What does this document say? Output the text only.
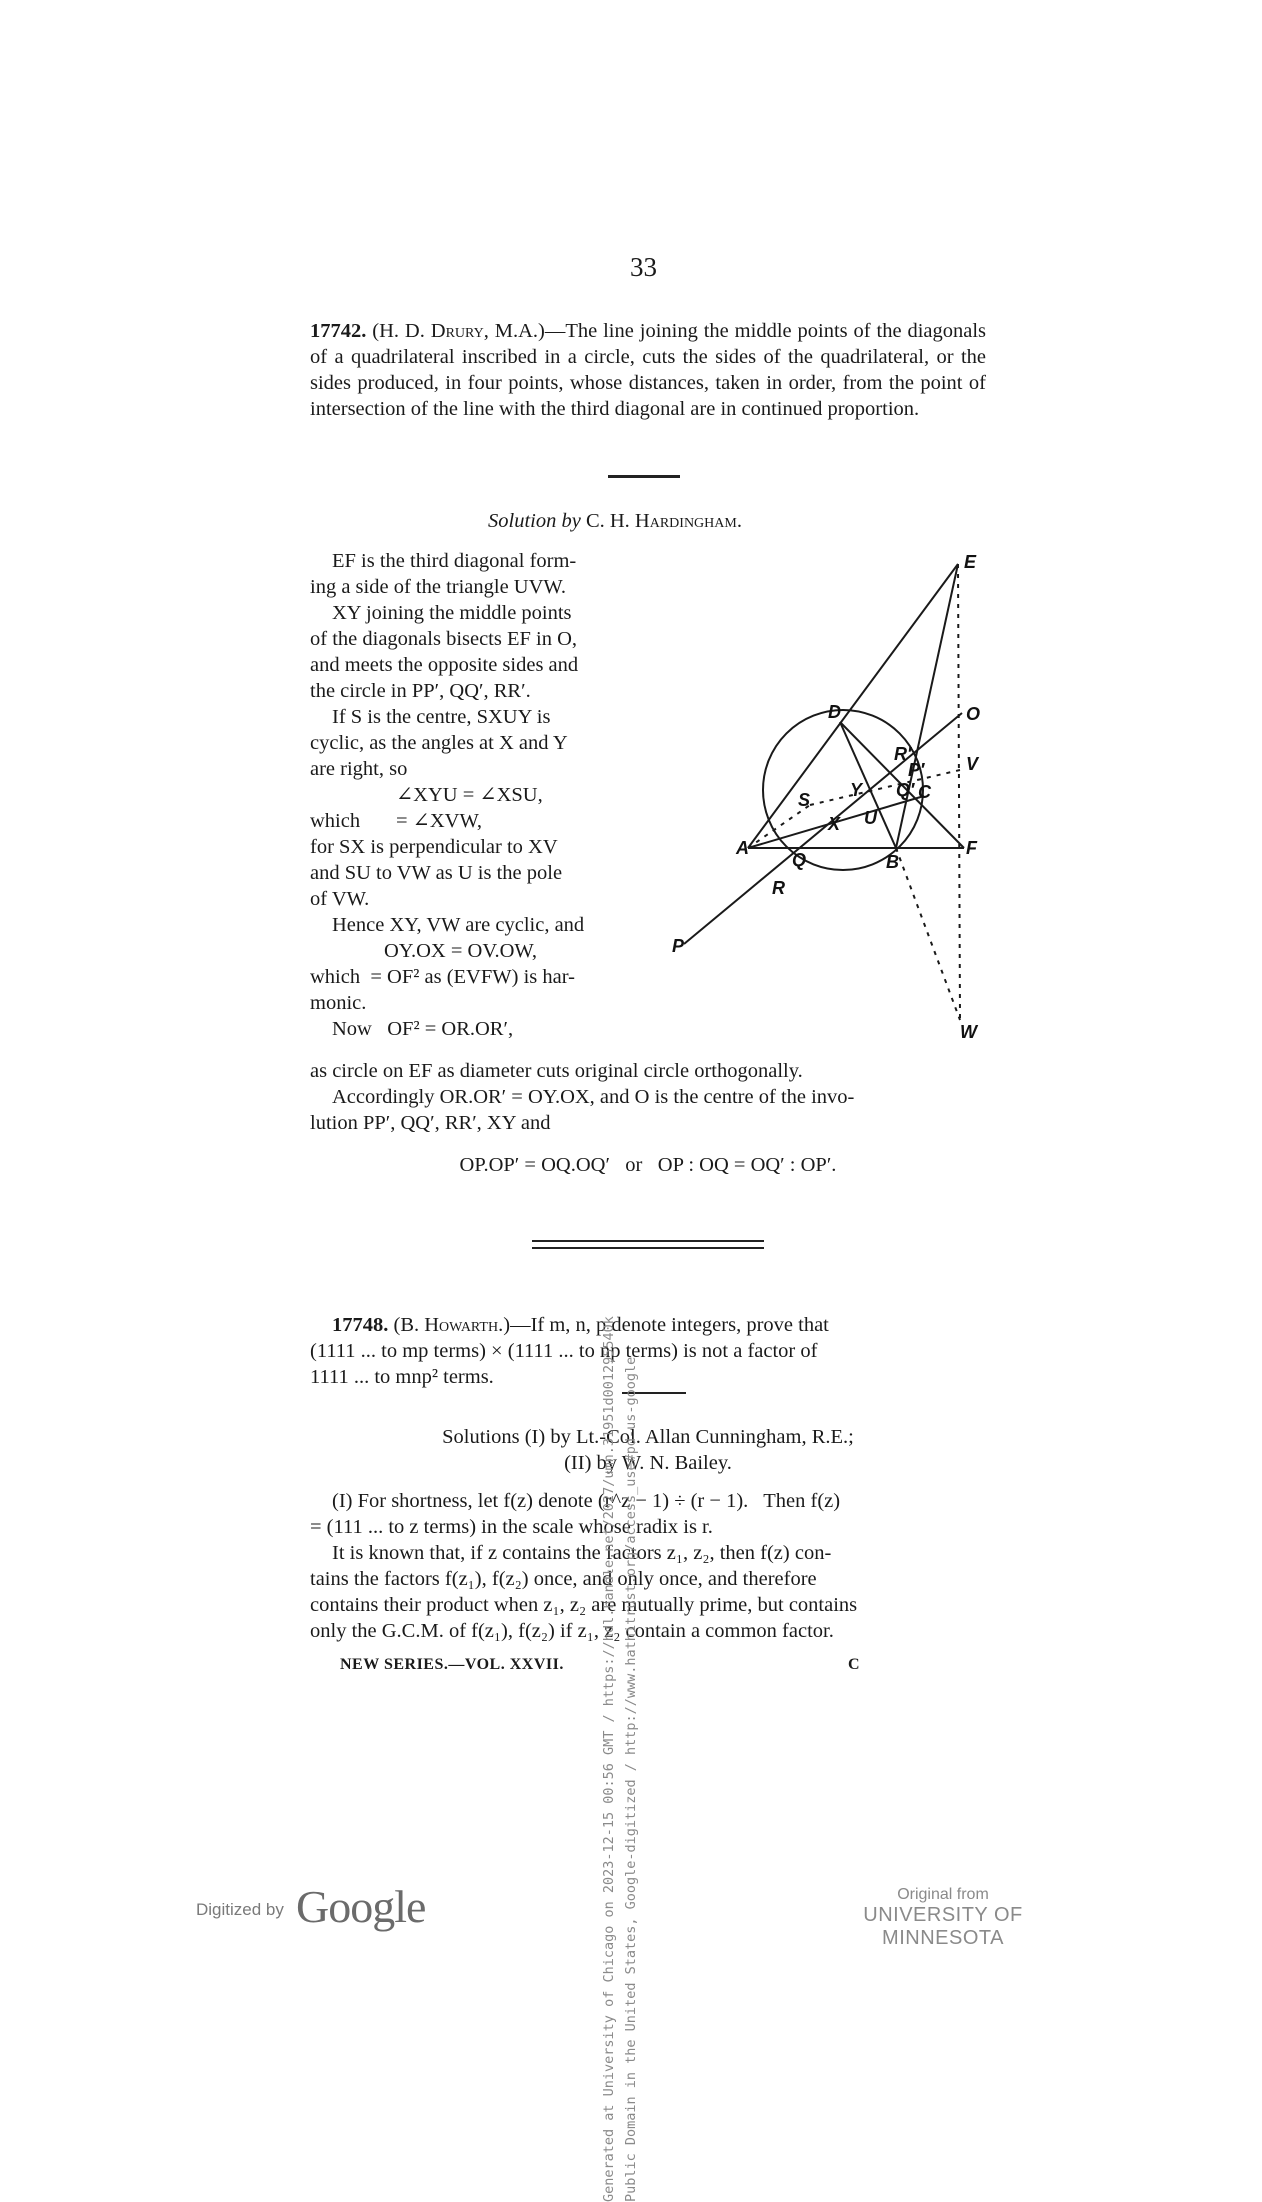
33
17742. (H. D. Drury, M.A.)—The line joining the middle points of the diagonals of a quadrilateral inscribed in a circle, cuts the sides of the quadrilateral, or the sides produced, in four points, whose distances, taken in order, from the point of intersection of the line with the third diagonal are in continued proportion.
Solution by C. H. Hardingham.

EF is the third diagonal form-

ing a side of the triangle UVW.

XY joining the middle points

of the diagonals bisects EF in O,

and meets the opposite sides and

the circle in PP′, QQ′, RR′.

If S is the centre, SXUY is

cyclic, as the angles at X and Y

are right, so

∠XYU = ∠XSU,

which       = ∠XVW,

for SX is perpendicular to XV

and SU to VW as U is the pole

of VW.

Hence XY, VW are cyclic, and

OY.OX = OV.OW,

which  = OF² as (EVFW) is har-

monic.

Now   OF² = OR.OR′,

E
O
V
F
W
D
R′
P′
Q′ C
S Y
X U
A
Q	B
R
P

as circle on EF as diameter cuts original circle orthogonally.

Accordingly OR.OR′ = OY.OX, and O is the centre of the invo-

lution PP′, QQ′, RR′, XY and

OP.OP′ = OQ.OQ′   or   OP : OQ = OQ′ : OP′.

17748. (B. Howarth.)—If m, n, p denote integers, prove that

(1111 ... to mp terms) × (1111 ... to np terms) is not a factor of

1111 ... to mnp² terms.

Solutions (I) by Lt.-Col. Allan Cunningham, R.E.;
(II) by W. N. Bailey.

(I) For shortness, let f(z) denote (r^z − 1) ÷ (r − 1).   Then f(z)

= (111 ... to z terms) in the scale whose radix is r.

It is known that, if z contains the factors z₁, z₂, then f(z) con-

tains the factors f(z₁), f(z₂) once, and only once, and therefore

contains their product when z₁, z₂ are mutually prime, but contains

only the G.C.M. of f(z₁), f(z₂) if z₁, z₂ contain a common factor.

NEW SERIES.—VOL. XXVII.	C
Generated at University of Chicago on 2023-12-15 00:56 GMT / https://hdl.handle.net/2027/umn.31951d001295540k Public Domain in the United States, Google-digitized / http://www.hathitrust.org/access_use#pd-us-google
Digitized by Google	Original from
UNIVERSITY OF MINNESOTA
